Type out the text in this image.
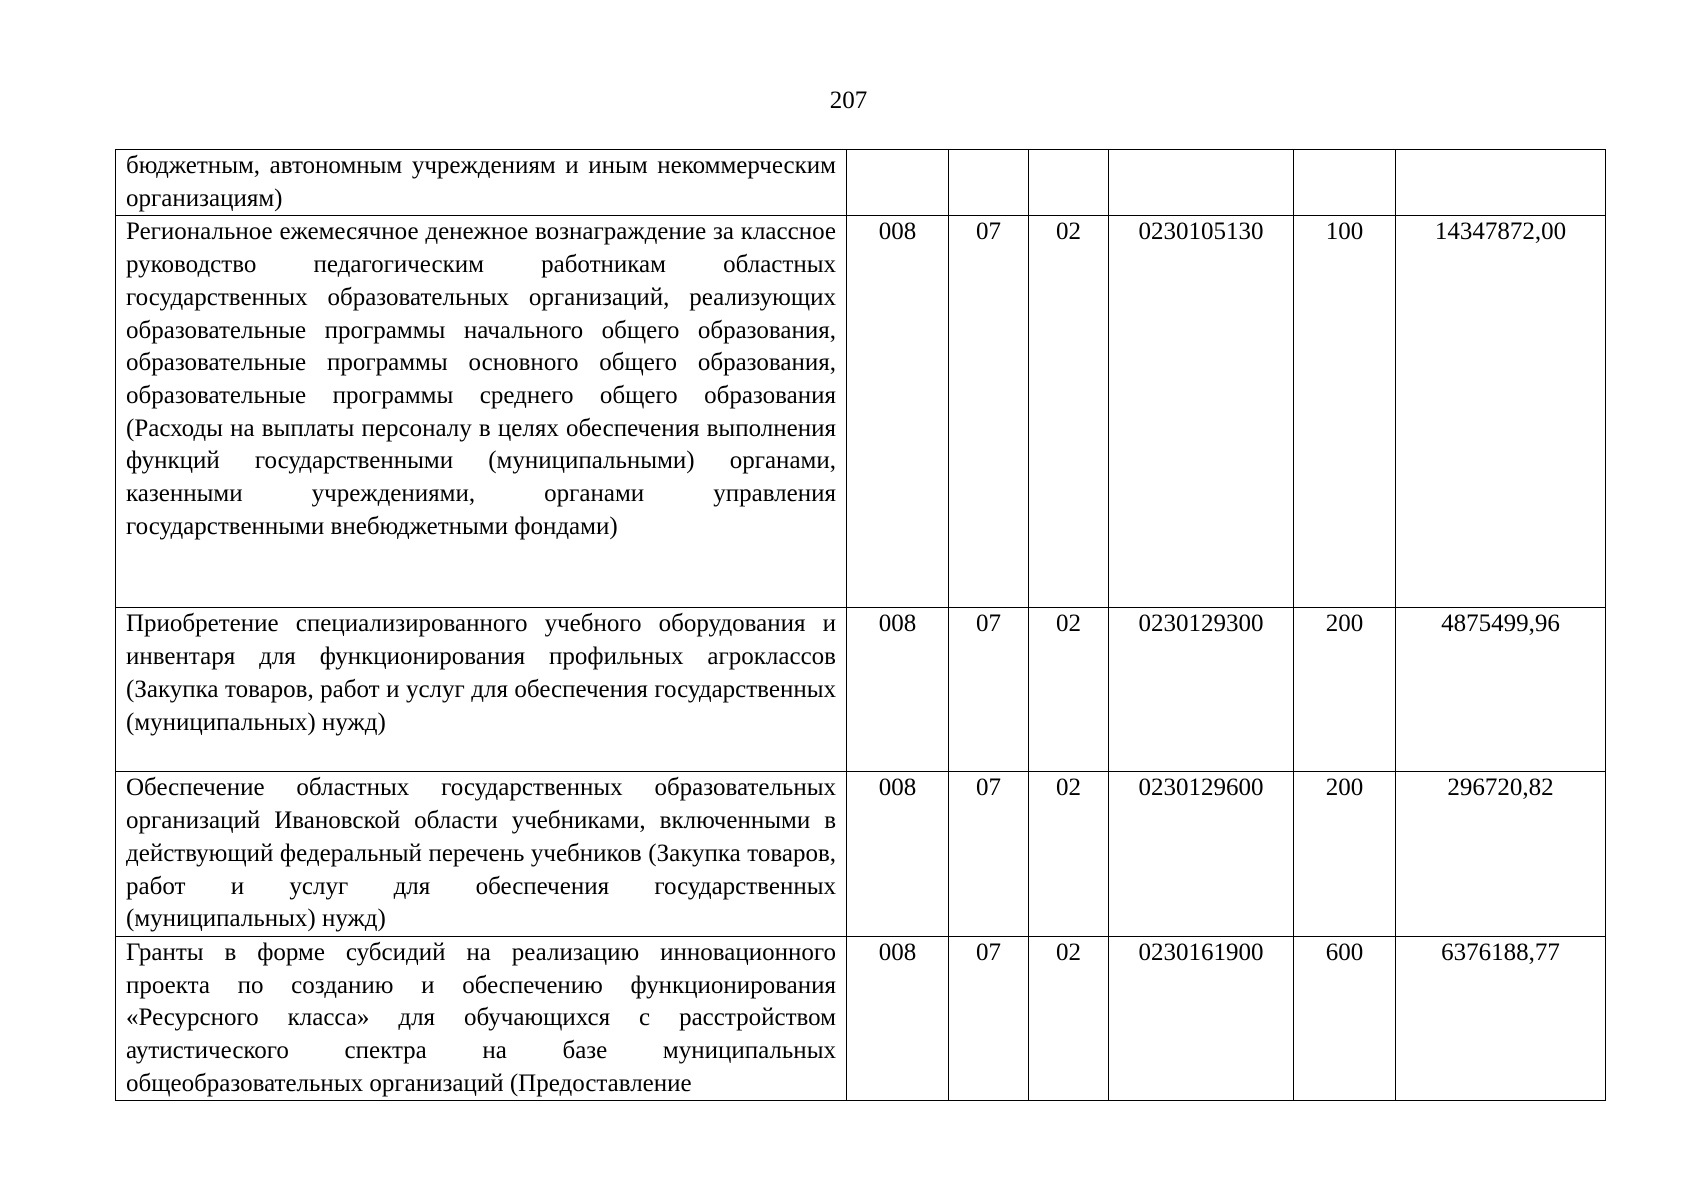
207
бюджетным, автономным учреждениям и иным некоммерческим организациям)						
Региональное ежемесячное денежное вознаграждение за классное руководство педагогическим работникам областных государственных образовательных организаций, реализующих образовательные программы начального общего образования, образовательные программы основного общего образования, образовательные программы среднего общего образования (Расходы на выплаты персоналу в целях обеспечения выполнения функций государственными (муниципальными) органами, казенными учреждениями, органами управления государственными внебюджетными фондами)	008	07	02	0230105130	100	14347872,00
Приобретение специализированного учебного оборудования и инвентаря для функционирования профильных агроклассов (Закупка товаров, работ и услуг для обеспечения государственных (муниципальных) нужд)	008	07	02	0230129300	200	4875499,96
Обеспечение областных государственных образовательных организаций Ивановской области учебниками, включенными в действующий федеральный перечень учебников (Закупка товаров, работ и услуг для обеспечения государственных (муниципальных) нужд)	008	07	02	0230129600	200	296720,82
Гранты в форме субсидий на реализацию инновационного проекта по созданию и обеспечению функционирования «Ресурсного класса» для обучающихся с расстройством аутистического спектра на базе муниципальных общеобразовательных организаций (Предоставление	008	07	02	0230161900	600	6376188,77
